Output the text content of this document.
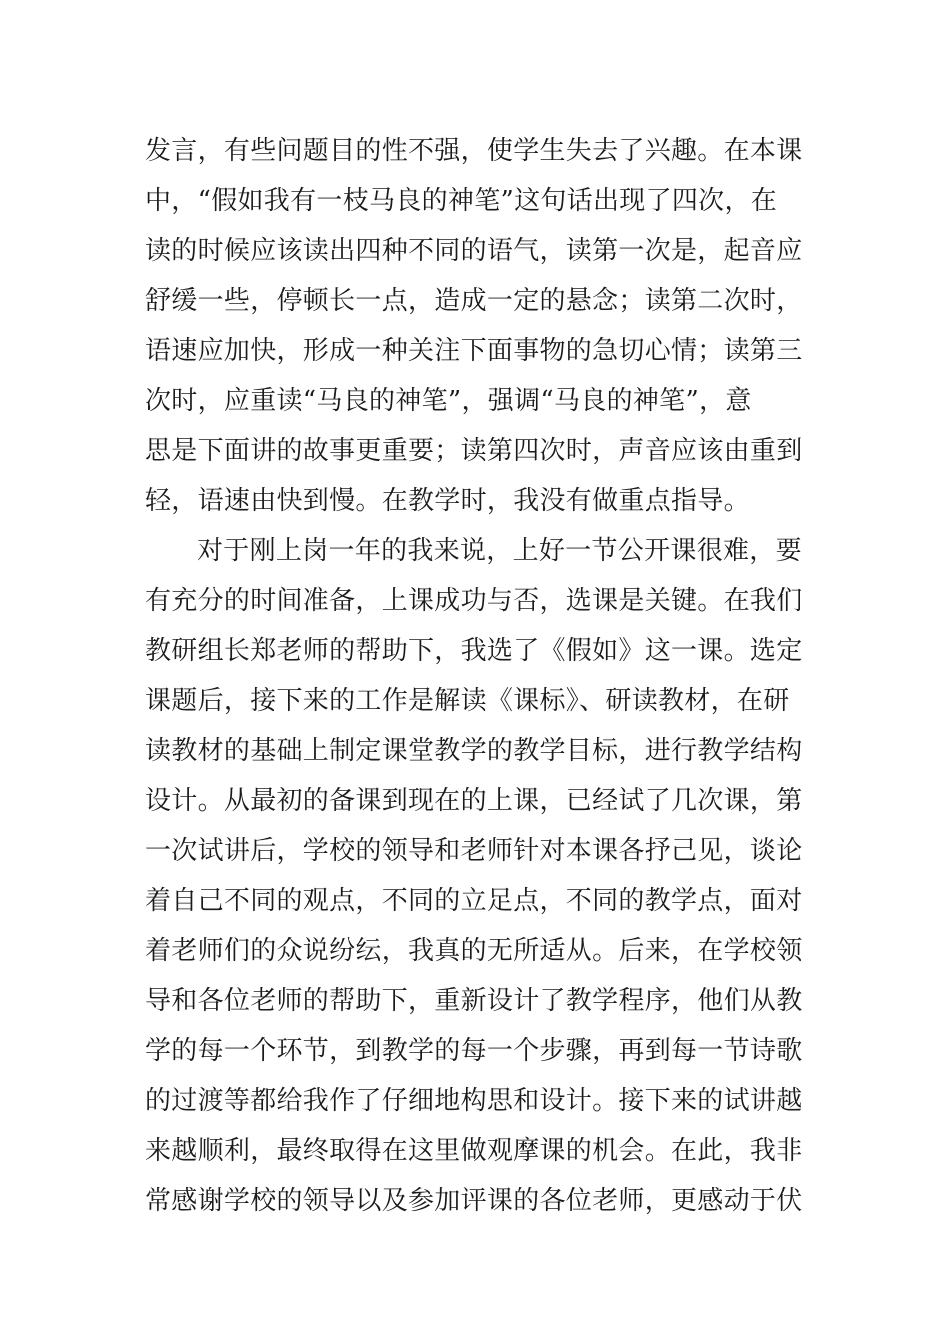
发言，有些问题目的性不强，使学生失去了兴趣。在本课
中，“假如我有一枝马良的神笔”这句话出现了四次，在
读的时候应该读出四种不同的语气，读第一次是，起音应
舒缓一些，停顿长一点，造成一定的悬念；读第二次时，
语速应加快，形成一种关注下面事物的急切心情；读第三
次时，应重读“马良的神笔”，强调“马良的神笔”，意
思是下面讲的故事更重要；读第四次时，声音应该由重到
轻，语速由快到慢。在教学时，我没有做重点指导。
对于刚上岗一年的我来说，上好一节公开课很难，要
有充分的时间准备，上课成功与否，选课是关键。在我们
教研组长郑老师的帮助下，我选了《假如》这一课。选定
课题后，接下来的工作是解读《课标》、研读教材，在研
读教材的基础上制定课堂教学的教学目标，进行教学结构
设计。从最初的备课到现在的上课，已经试了几次课，第
一次试讲后，学校的领导和老师针对本课各抒己见，谈论
着自己不同的观点，不同的立足点，不同的教学点，面对
着老师们的众说纷纭，我真的无所适从。后来，在学校领
导和各位老师的帮助下，重新设计了教学程序，他们从教
学的每一个环节，到教学的每一个步骤，再到每一节诗歌
的过渡等都给我作了仔细地构思和设计。接下来的试讲越
来越顺利，最终取得在这里做观摩课的机会。在此，我非
常感谢学校的领导以及参加评课的各位老师，更感动于伏
